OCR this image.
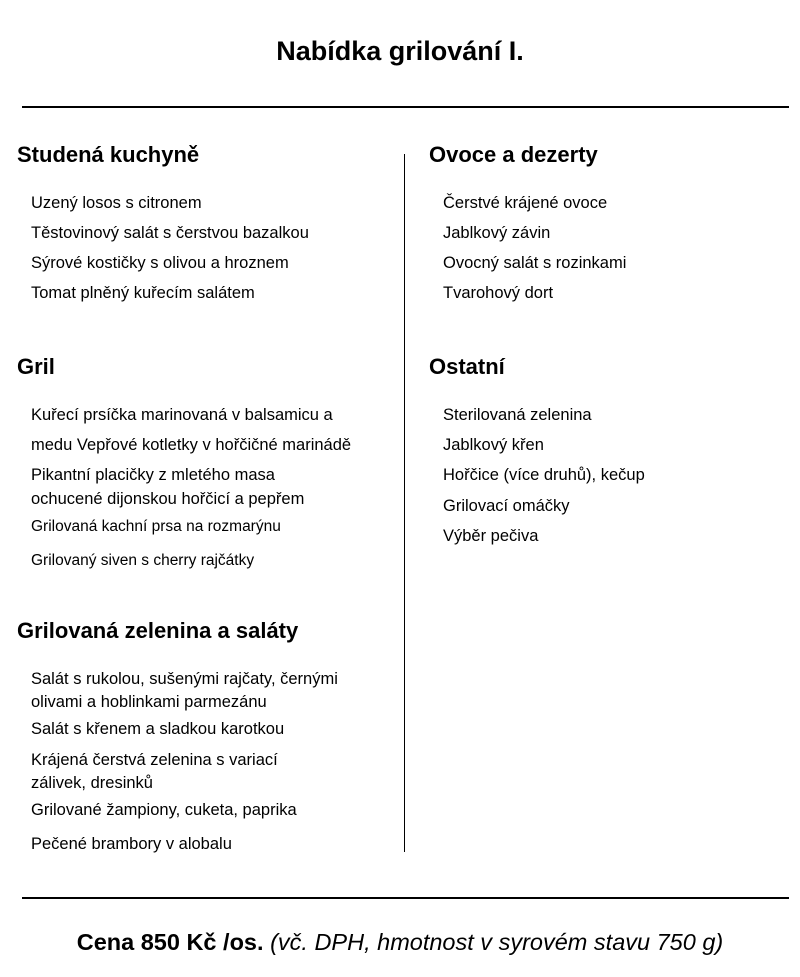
Nabídka grilování I.
Studená kuchyně

Uzený losos s citronem

Těstovinový salát s čerstvou bazalkou

Sýrové kostičky s olivou a hroznem

Tomat plněný kuřecím salátem

Gril

Kuřecí prsíčka marinovaná v balsamicu a

medu Vepřové kotletky v hořčičné marinádě

Pikantní placičky z mletého masa

ochucené dijonskou hořčicí a pepřem

Grilovaná kachní prsa na rozmarýnu

Grilovaný siven s cherry rajčátky

Grilovaná zelenina a saláty

Salát s rukolou, sušenými rajčaty, černými

olivami a hoblinkami parmezánu

Salát s křenem a sladkou karotkou

Krájená čerstvá zelenina s variací

zálivek, dresinků

Grilované žampiony, cuketa, paprika

Pečené brambory v alobalu

Ovoce a dezerty

Čerstvé krájené ovoce

Jablkový závin

Ovocný salát s rozinkami

Tvarohový dort

Ostatní

Sterilovaná zelenina

Jablkový křen

Hořčice (více druhů), kečup

Grilovací omáčky

Výběr pečiva

Cena 850 Kč /os. (vč. DPH, hmotnost v syrovém stavu 750 g)
